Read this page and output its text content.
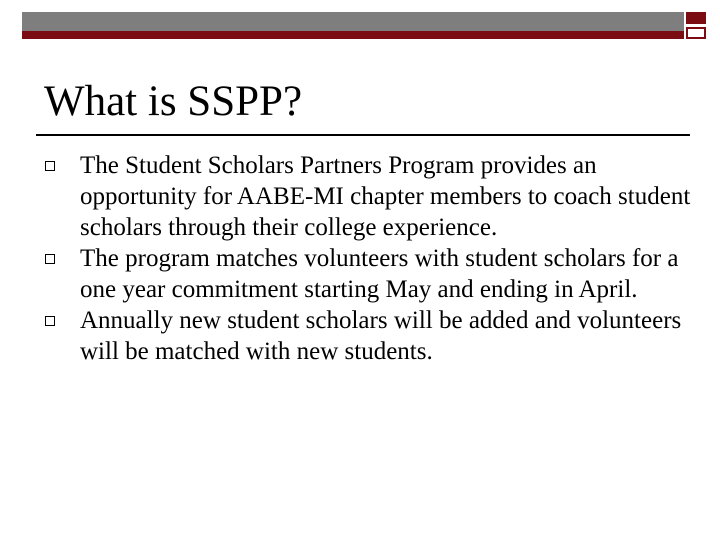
What is SSPP?
The Student Scholars Partners Program provides an opportunity for AABE-MI chapter members to coach student scholars through their college experience.
The program matches volunteers with student scholars for a one year commitment starting May and ending in April.
Annually new student scholars will be added and volunteers will be matched with new students.
